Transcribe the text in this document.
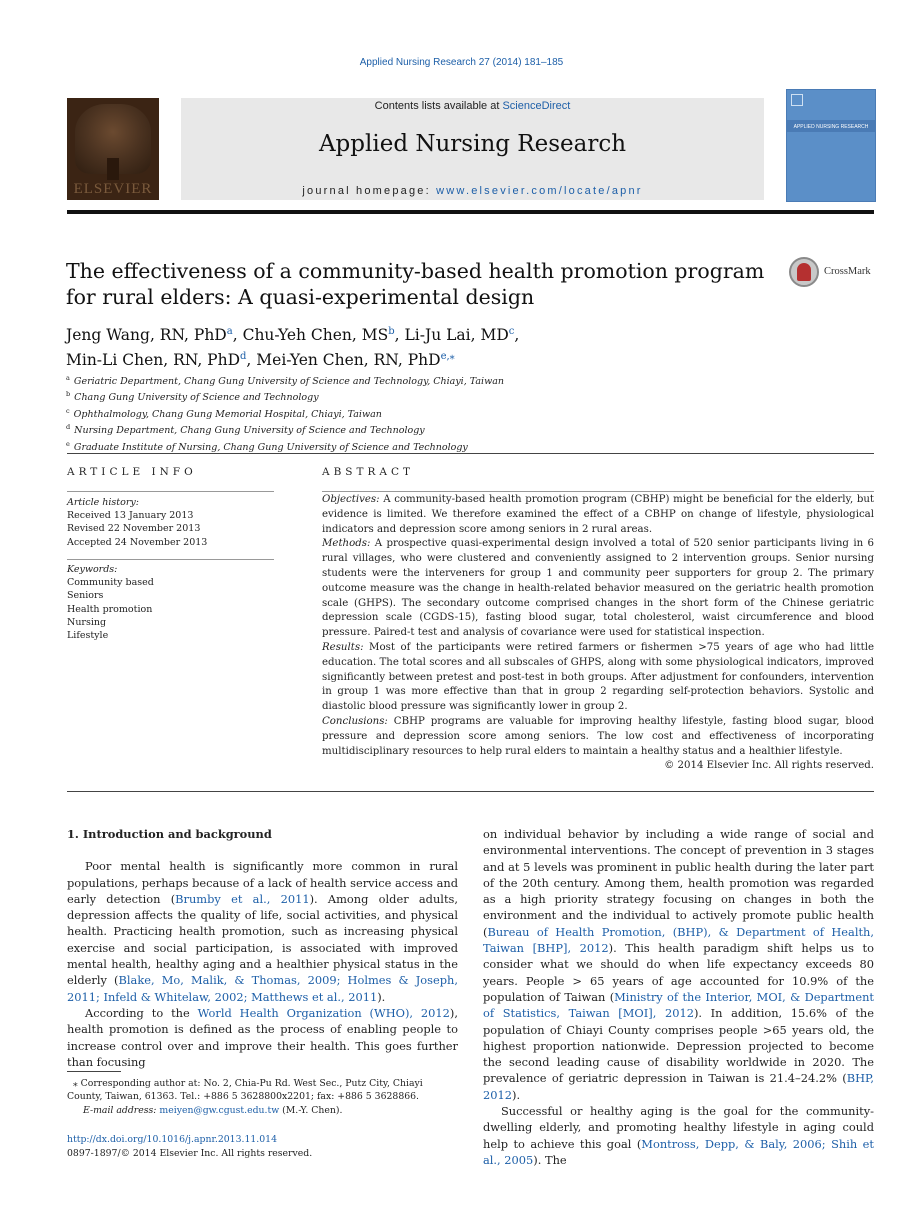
Applied Nursing Research 27 (2014) 181–185
ELSEVIER
Contents lists available at ScienceDirect
Applied Nursing Research
journal homepage: www.elsevier.com/locate/apnr
APPLIED NURSING RESEARCH
The effectiveness of a community-based health promotion program for rural elders: A quasi-experimental design
CrossMark
Jeng Wang, RN, PhD$^a$, Chu-Yeh Chen, $MS^b$, Li-Ju Lai, $MD^c$,
Min-Li Chen, RN, PhD$^d$, Mei-Yen Chen, RN, PhD$^{e,⁎}$
$^a$ Geriatric Department, Chang Gung University of Science and Technology, Chiayi, Taiwan
$^b$ Chang Gung University of Science and Technology
$^c$ Ophthalmology, Chang Gung Memorial Hospital, Chiayi, Taiwan
$^d$ Nursing Department, Chang Gung University of Science and Technology
$^e$ Graduate Institute of Nursing, Chang Gung University of Science and Technology
ARTICLE INFO
Article history:
Received 13 January 2013
Revised 22 November 2013
Accepted 24 November 2013
Keywords:
Community based
Seniors
Health promotion
Nursing
Lifestyle
ABSTRACT

Objectives: A community-based health promotion program (CBHP) might be beneficial for the elderly, but evidence is limited. We therefore examined the effect of a CBHP on change of lifestyle, physiological indicators and depression score among seniors in 2 rural areas.

Methods: A prospective quasi-experimental design involved a total of 520 senior participants living in 6 rural villages, who were clustered and conveniently assigned to 2 intervention groups. Senior nursing students were the interveners for group 1 and community peer supporters for group 2. The primary outcome measure was the change in health-related behavior measured on the geriatric health promotion scale (GHPS). The secondary outcome comprised changes in the short form of the Chinese geriatric depression scale (CGDS-15), fasting blood sugar, total cholesterol, waist circumference and blood pressure. Paired-t test and analysis of covariance were used for statistical inspection.

Results: Most of the participants were retired farmers or fishermen >75 years of age who had little education. The total scores and all subscales of GHPS, along with some physiological indicators, improved significantly between pretest and post-test in both groups. After adjustment for confounders, intervention in group 1 was more effective than that in group 2 regarding self-protection behaviors. Systolic and diastolic blood pressure was significantly lower in group 2.

Conclusions: CBHP programs are valuable for improving healthy lifestyle, fasting blood sugar, blood pressure and depression score among seniors. The low cost and effectiveness of incorporating multidisciplinary resources to help rural elders to maintain a healthy status and a healthier lifestyle.

© 2014 Elsevier Inc. All rights reserved.

1. Introduction and background

Poor mental health is significantly more common in rural populations, perhaps because of a lack of health service access and early detection (Brumby et al., 2011). Among older adults, depression affects the quality of life, social activities, and physical health. Practicing health promotion, such as increasing physical exercise and social participation, is associated with improved mental health, healthy aging and a healthier physical status in the elderly (Blake, Mo, Malik, & Thomas, 2009; Holmes & Joseph, 2011; Infeld & Whitelaw, 2002; Matthews et al., 2011).

According to the World Health Organization (WHO), 2012), health promotion is defined as the process of enabling people to increase control over and improve their health. This goes further than focusing

on individual behavior by including a wide range of social and environmental interventions. The concept of prevention in 3 stages and at 5 levels was prominent in public health during the later part of the 20th century. Among them, health promotion was regarded as a high priority strategy focusing on changes in both the environment and the individual to actively promote public health (Bureau of Health Promotion, (BHP), & Department of Health, Taiwan [BHP], 2012). This health paradigm shift helps us to consider what we should do when life expectancy exceeds 80 years. People > 65 years of age accounted for 10.9% of the population of Taiwan (Ministry of the Interior, MOI, & Department of Statistics, Taiwan [MOI], 2012). In addition, 15.6% of the population of Chiayi County comprises people >65 years old, the highest proportion nationwide. Depression projected to become the second leading cause of disability worldwide in 2020. The prevalence of geriatric depression in Taiwan is 21.4–24.2% (BHP, 2012).

Successful or healthy aging is the goal for the community-dwelling elderly, and promoting healthy lifestyle in aging could help to achieve this goal (Montross, Depp, & Baly, 2006; Shih et al., 2005). The

⁎ Corresponding author at: No. 2, Chia-Pu Rd. West Sec., Putz City, Chiayi County, Taiwan, 61363. Tel.: +886 5 3628800x2201; fax: +886 5 3628866.
E-mail address: meiyen@gw.cgust.edu.tw (M.-Y. Chen).
http://dx.doi.org/10.1016/j.apnr.2013.11.014
0897-1897/© 2014 Elsevier Inc. All rights reserved.
